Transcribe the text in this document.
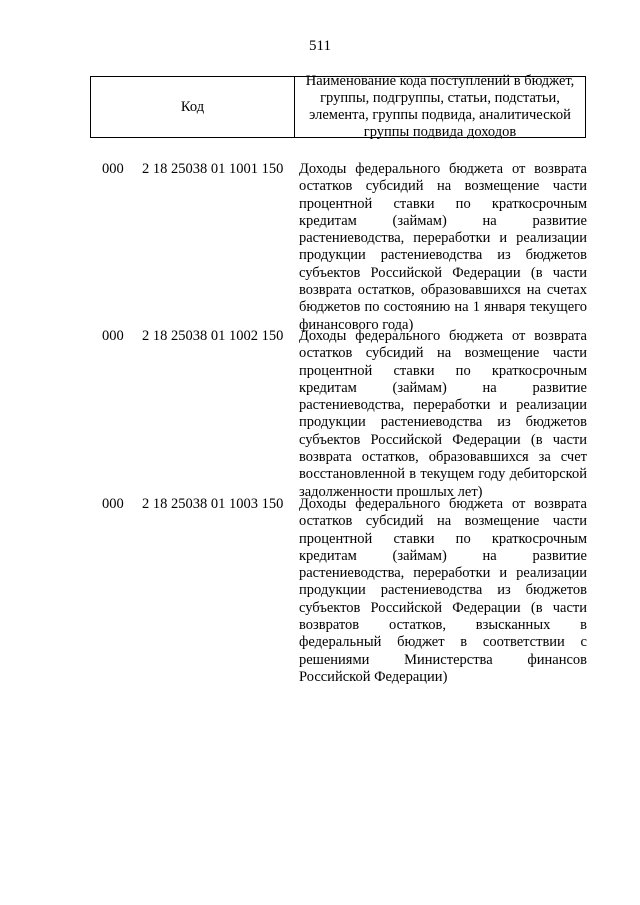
511
Код
Наименование кода поступлений в бюджет, группы, подгруппы, статьи, подстатьи, элемента, группы подвида, аналитической группы подвида доходов
000 2 18 25038 01 1001 150 Доходы федерального бюджета от возврата остатков субсидий на возмещение части процентной ставки по краткосрочным кредитам (займам) на развитие растениеводства, переработки и реализации продукции растениеводства из бюджетов субъектов Российской Федерации (в части возврата остатков, образовавшихся на счетах бюджетов по состоянию на 1 января текущего финансового года)
000 2 18 25038 01 1002 150 Доходы федерального бюджета от возврата остатков субсидий на возмещение части процентной ставки по краткосрочным кредитам (займам) на развитие растениеводства, переработки и реализации продукции растениеводства из бюджетов субъектов Российской Федерации (в части возврата остатков, образовавшихся за счет восстановленной в текущем году дебиторской задолженности прошлых лет)
000 2 18 25038 01 1003 150 Доходы федерального бюджета от возврата остатков субсидий на возмещение части процентной ставки по краткосрочным кредитам (займам) на развитие растениеводства, переработки и реализации продукции растениеводства из бюджетов субъектов Российской Федерации (в части возвратов остатков, взысканных в федеральный бюджет в соответствии с решениями Министерства финансов Российской Федерации)
